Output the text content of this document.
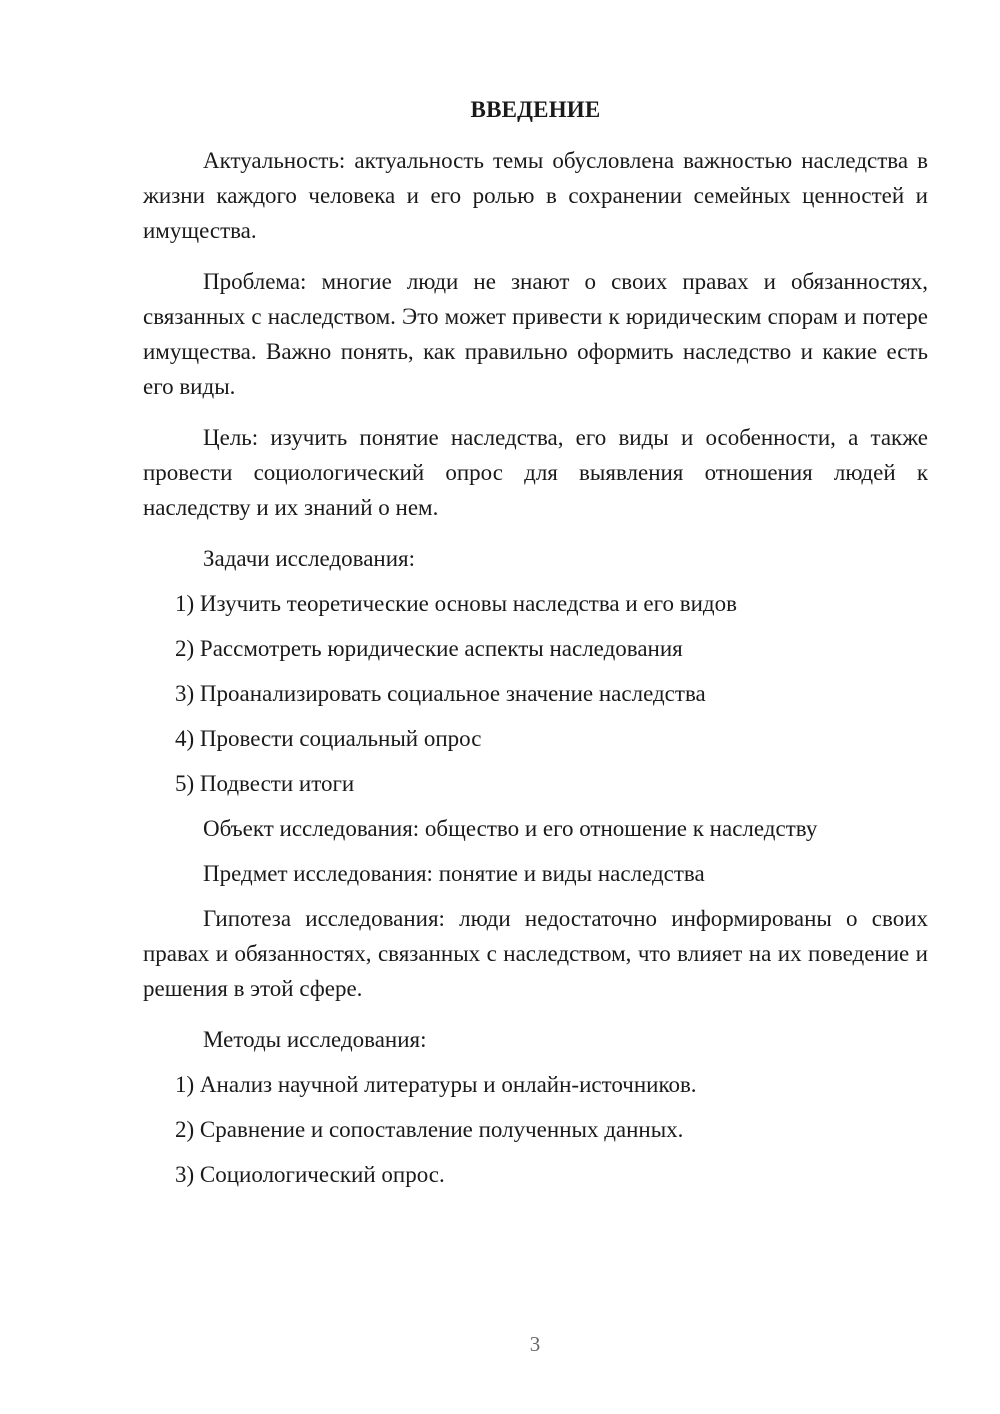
ВВЕДЕНИЕ

Актуальность: актуальность темы обусловлена важностью наследства в жизни каждого человека и его ролью в сохранении семейных ценностей и имущества.

Проблема: многие люди не знают о своих правах и обязанностях, связанных с наследством. Это может привести к юридическим спорам и потере имущества. Важно понять, как правильно оформить наследство и какие есть его виды.

Цель: изучить понятие наследства, его виды и особенности, а также провести социологический опрос для выявления отношения людей к наследству и их знаний о нем.

Задачи исследования:

1) Изучить теоретические основы наследства и его видов

2) Рассмотреть юридические аспекты наследования

3) Проанализировать социальное значение наследства

4) Провести социальный опрос

5) Подвести итоги

Объект исследования: общество и его отношение к наследству

Предмет исследования: понятие и виды наследства

Гипотеза исследования: люди недостаточно информированы о своих правах и обязанностях, связанных с наследством, что влияет на их поведение и решения в этой сфере.

Методы исследования:

1) Анализ научной литературы и онлайн-источников.

2) Сравнение и сопоставление полученных данных.

3) Социологический опрос.

3
